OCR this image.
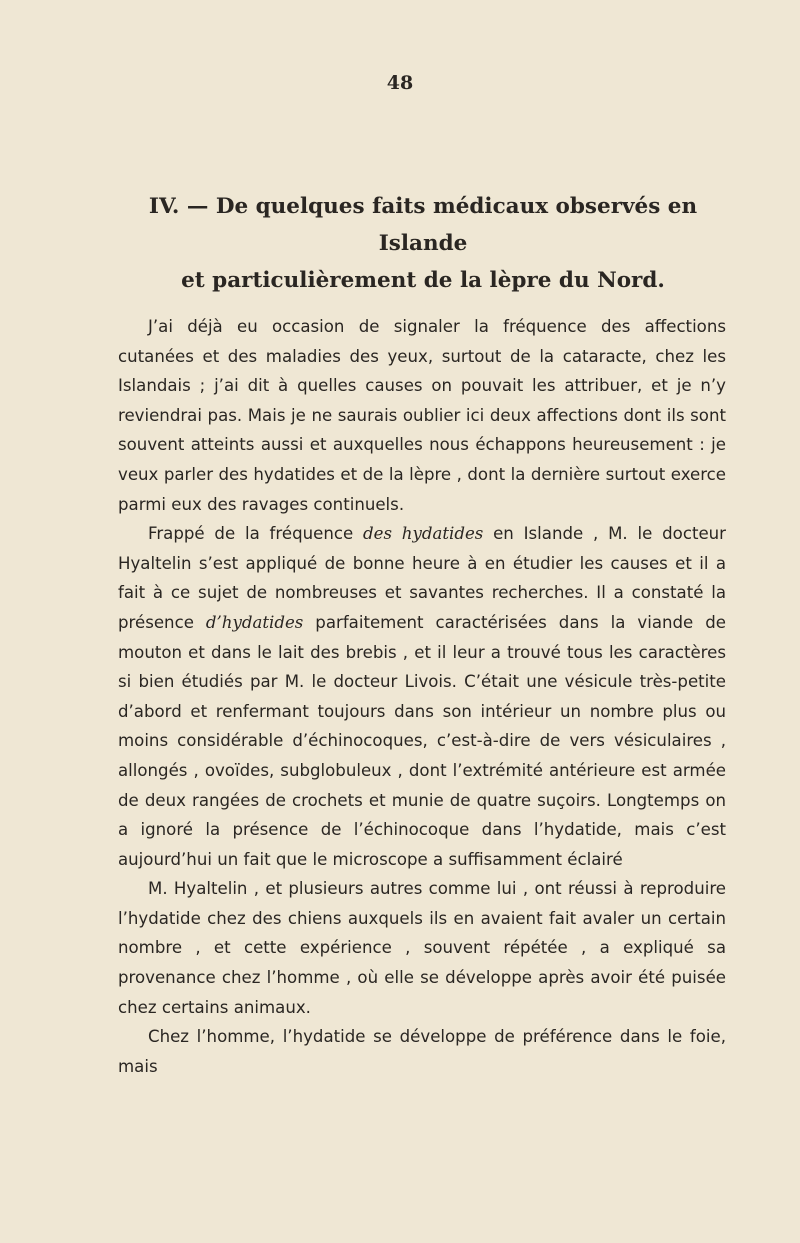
48
IV. — De quelques faits médicaux observés en Islande
et particulièrement de la lèpre du Nord.

J’ai déjà eu occasion de signaler la fréquence des affections cutanées et des maladies des yeux, surtout de la cataracte, chez les Islandais ; j’ai dit à quelles causes on pouvait les attribuer, et je n’y reviendrai pas. Mais je ne saurais oublier ici deux affections dont ils sont souvent atteints aussi et auxquelles nous échappons heureusement : je veux parler des hydatides et de la lèpre , dont la dernière surtout exerce parmi eux des ravages continuels.

Frappé de la fréquence des hydatides en Islande , M. le docteur Hyaltelin s’est appliqué de bonne heure à en étudier les causes et il a fait à ce sujet de nombreuses et savantes recherches. Il a constaté la présence d’hydatides parfaitement caractérisées dans la viande de mouton et dans le lait des brebis , et il leur a trouvé tous les caractères si bien étudiés par M. le docteur Livois. C’était une vésicule très-petite d’abord et renfermant toujours dans son intérieur un nombre plus ou moins considérable d’échinocoques, c’est-à-dire de vers vésiculaires , allongés , ovoïdes, subglobuleux , dont l’extrémité antérieure est armée de deux rangées de crochets et munie de quatre suçoirs. Longtemps on a ignoré la présence de l’échinocoque dans l’hydatide, mais c’est aujourd’hui un fait que le microscope a suffisamment éclairé

M. Hyaltelin , et plusieurs autres comme lui , ont réussi à reproduire l’hydatide chez des chiens auxquels ils en avaient fait avaler un certain nombre , et cette expérience , souvent répétée , a expliqué sa provenance chez l’homme , où elle se développe après avoir été puisée chez certains animaux.

Chez l’homme, l’hydatide se développe de préférence dans le foie, mais
